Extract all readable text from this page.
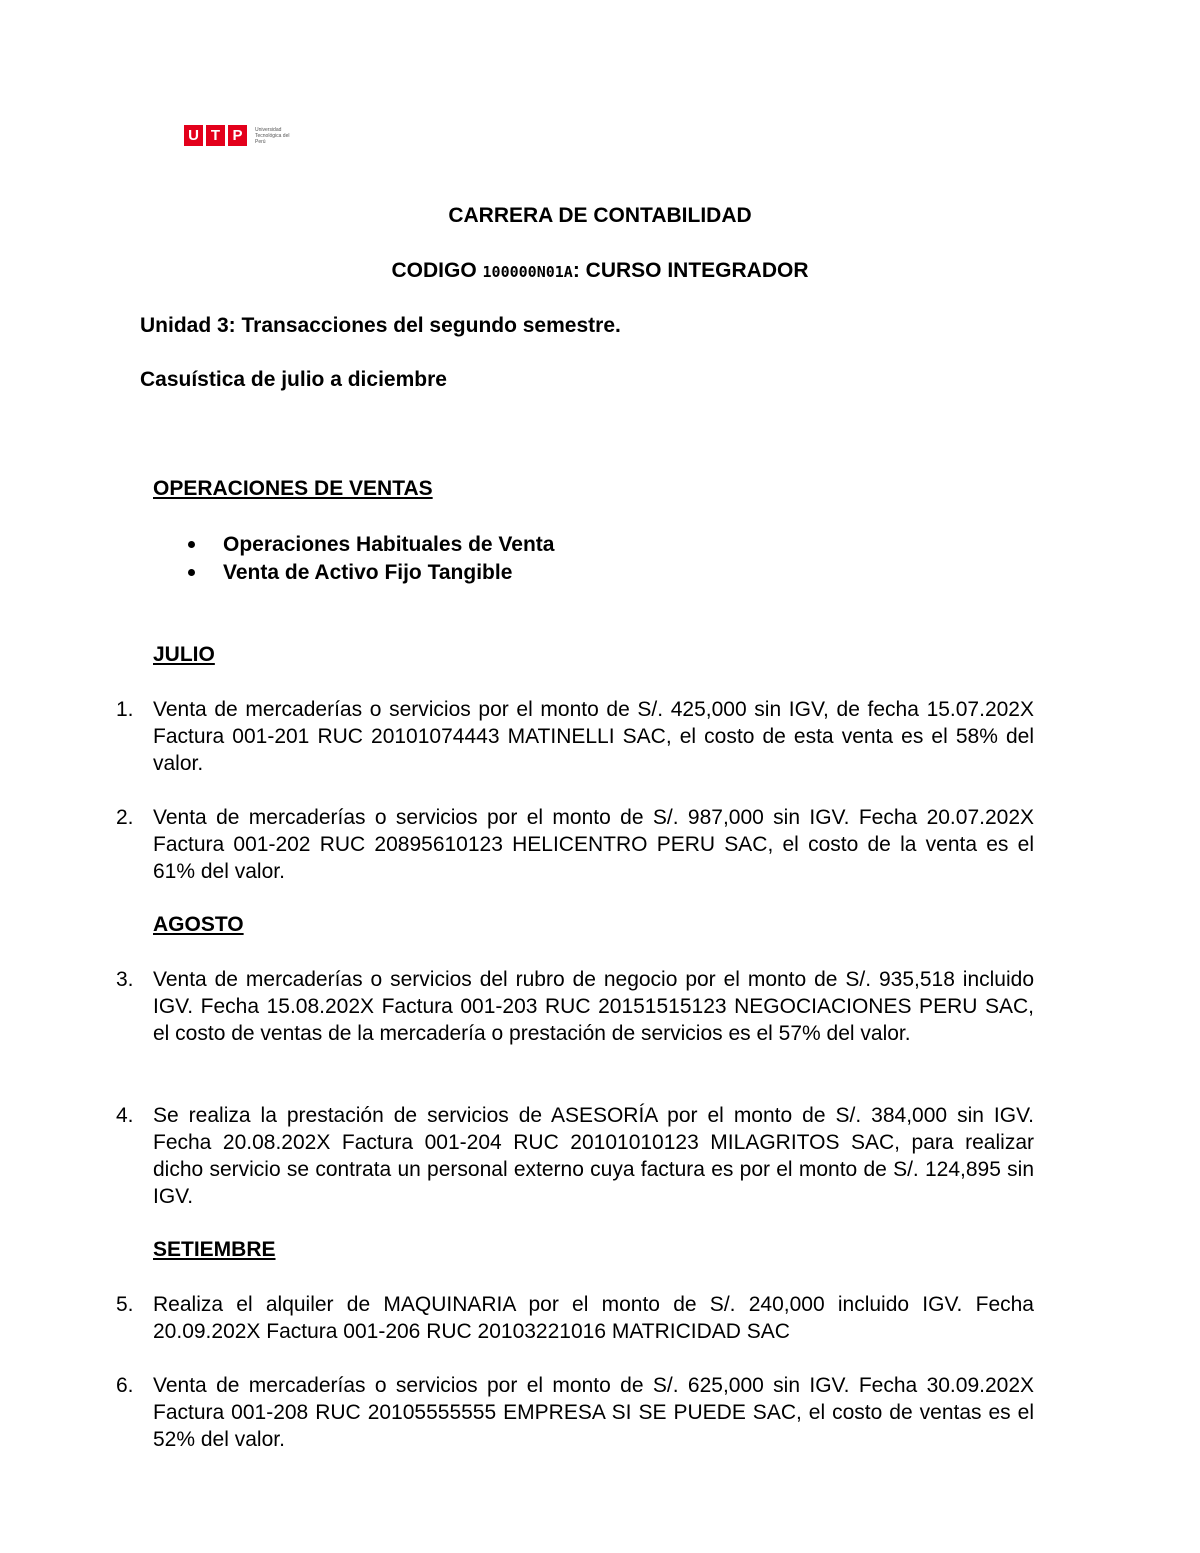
U T P	Universidad Tecnológica del Perú
CARRERA DE CONTABILIDAD
CODIGO 100000N01A: CURSO INTEGRADOR
Unidad 3: Transacciones del segundo semestre.
Casuística de julio a diciembre
OPERACIONES DE VENTAS
Operaciones Habituales de Venta
Venta de Activo Fijo Tangible
JULIO
1. Venta de mercaderías o servicios por el monto de S/. 425,000 sin IGV, de fecha 15.07.202X Factura 001-201 RUC 20101074443 MATINELLI SAC, el costo de esta venta es el 58% del valor.
2. Venta de mercaderías o servicios por el monto de S/. 987,000 sin IGV. Fecha 20.07.202X Factura 001-202 RUC 20895610123 HELICENTRO PERU SAC, el costo de la venta es el 61% del valor.
AGOSTO
3. Venta de mercaderías o servicios del rubro de negocio por el monto de S/. 935,518 incluido IGV. Fecha 15.08.202X Factura 001-203 RUC 20151515123 NEGOCIACIONES PERU SAC, el costo de ventas de la mercadería o prestación de servicios es el 57% del valor.
4. Se realiza la prestación de servicios de ASESORÍA por el monto de S/. 384,000 sin IGV. Fecha 20.08.202X Factura 001-204 RUC 20101010123 MILAGRITOS SAC, para realizar dicho servicio se contrata un personal externo cuya factura es por el monto de S/. 124,895 sin IGV.
SETIEMBRE
5. Realiza el alquiler de MAQUINARIA por el monto de S/. 240,000 incluido IGV. Fecha 20.09.202X Factura 001-206 RUC 20103221016 MATRICIDAD SAC
6. Venta de mercaderías o servicios por el monto de S/. 625,000 sin IGV. Fecha 30.09.202X Factura 001-208 RUC 20105555555 EMPRESA SI SE PUEDE SAC, el costo de ventas es el 52% del valor.
